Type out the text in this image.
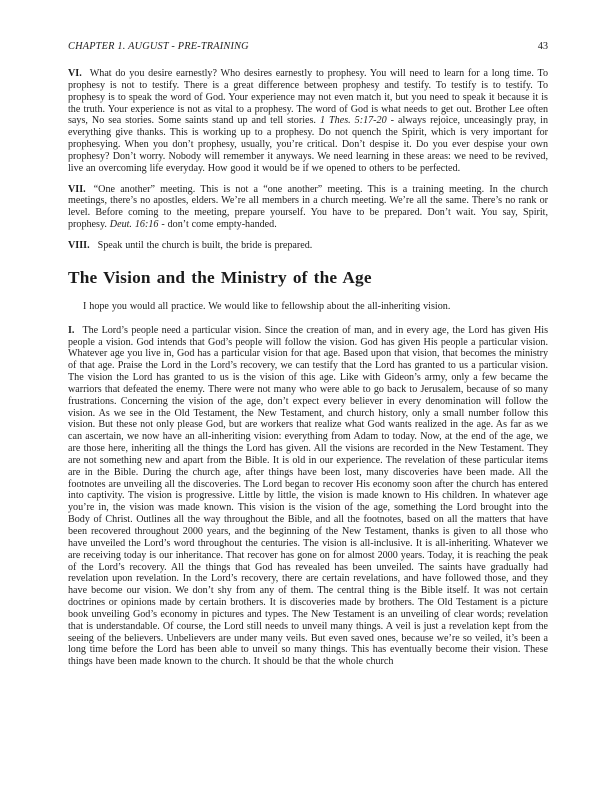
CHAPTER 1. AUGUST - PRE-TRAINING	43

VI. What do you desire earnestly? Who desires earnestly to prophesy. You will need to learn for a long time. To prophesy is not to testify. There is a great difference between prophesy and testify. To testify is to testify. To prophesy is to speak the word of God. Your experience may not even match it, but you need to speak it because it is the truth. Your experience is not as vital to a prophesy. The word of God is what needs to get out. Brother Lee often says, No sea stories. Some saints stand up and tell stories. 1 Thes. 5:17-20 - always rejoice, unceasingly pray, in everything give thanks. This is working up to a prophesy. Do not quench the Spirit, which is very important for prophesying. When you don’t prophesy, usually, you’re critical. Don’t despise it. Do you ever despise your own prophesy? Don’t worry. Nobody will remember it anyways. We need learning in these areas: we need to be revived, live an overcoming life everyday. How good it would be if we opened to others to be perfected.

VII. “One another” meeting. This is not a “one another” meeting. This is a training meeting. In the church meetings, there’s no apostles, elders. We’re all members in a church meeting. We’re all the same. There’s no rank or level. Before coming to the meeting, prepare yourself. You have to be prepared. Don’t wait. You say, Spirit, prophesy. Deut. 16:16 - don’t come empty-handed.

VIII. Speak until the church is built, the bride is prepared.

The Vision and the Ministry of the Age

I hope you would all practice. We would like to fellowship about the all-inheriting vision.

I. The Lord’s people need a particular vision. Since the creation of man, and in every age, the Lord has given His people a vision. God intends that God’s people will follow the vision. God has given His people a particular vision. Whatever age you live in, God has a particular vision for that age. Based upon that vision, that becomes the ministry of that age. Praise the Lord in the Lord’s recovery, we can testify that the Lord has granted to us a particular vision. The vision the Lord has granted to us is the vision of this age. Like with Gideon’s army, only a few became the warriors that defeated the enemy. There were not many who were able to go back to Jerusalem, because of so many frustrations. Concerning the vision of the age, don’t expect every believer in every denomination will follow the vision. As we see in the Old Testament, the New Testament, and church history, only a small number follow this vision. But these not only please God, but are workers that realize what God wants realized in the age. As far as we can ascertain, we now have an all-inheriting vision: everything from Adam to today. Now, at the end of the age, we are those here, inheriting all the things the Lord has given. All the visions are recorded in the New Testament. They are not something new and apart from the Bible. It is old in our experience. The revelation of these particular items are in the Bible. During the church age, after things have been lost, many discoveries have been made. All the footnotes are unveiling all the discoveries. The Lord began to recover His economy soon after the church has entered into captivity. The vision is progressive. Little by little, the vision is made known to His children. In whatever age you’re in, the vision was made known. This vision is the vision of the age, something the Lord brought into the Body of Christ. Outlines all the way throughout the Bible, and all the footnotes, based on all the matters that have been recovered throughout 2000 years, and the beginning of the New Testament, thanks is given to all those who have unveiled the Lord’s word throughout the centuries. The vision is all-inclusive. It is all-inheriting. Whatever we are receiving today is our inheritance. That recover has gone on for almost 2000 years. Today, it is reaching the peak of the Lord’s recovery. All the things that God has revealed has been unveiled. The saints have gradually had revelation upon revelation. In the Lord’s recovery, there are certain revelations, and have followed those, and they have become our vision. We don’t shy from any of them. The central thing is the Bible itself. It was not certain doctrines or opinions made by certain brothers. It is discoveries made by brothers. The Old Testament is a picture book unveiling God’s economy in pictures and types. The New Testament is an unveiling of clear words; revelation that is understandable. Of course, the Lord still needs to unveil many things. A veil is just a revelation kept from the seeing of the believers. Unbelievers are under many veils. But even saved ones, because we’re so veiled, it’s been a long time before the Lord has been able to unveil so many things. This has eventually become their vision. These things have been made known to the church. It should be that the whole church
